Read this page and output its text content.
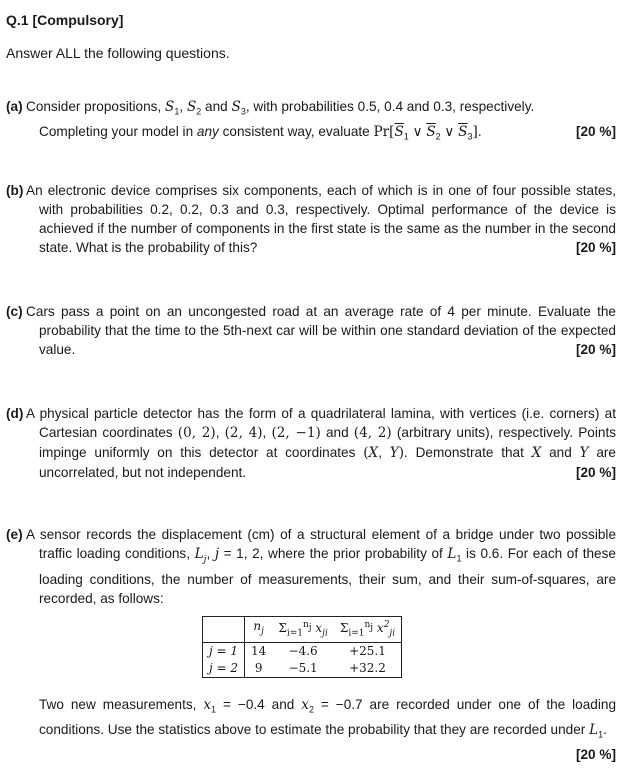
Q.1 [Compulsory]
Answer ALL the following questions.
(a) Consider propositions, $S_1$, $S_2$ and $S_3$, with probabilities 0.5, 0.4 and 0.3, respectively.
Completing your model in any consistent way, evaluate $Pr[\overline{S}_1$ ∨ $\overline{S}_2$ ∨ $\overline{S}_3$].	[20 %]
(b) An electronic device comprises six components, each of which is in one of four possible states, with probabilities 0.2, 0.2, 0.3 and 0.3, respectively. Optimal performance of the device is achieved if the number of components in the first state is the same as the number in the second state. What is the probability of this?	[20 %]
(c) Cars pass a point on an uncongested road at an average rate of 4 per minute. Evaluate the probability that the time to the 5th-next car will be within one standard deviation of the expected value.	[20 %]
(d) A physical particle detector has the form of a quadrilateral lamina, with vertices (i.e. corners) at Cartesian coordinates (0, 2), (2, 4), (2, −1) and (4, 2) (arbitrary units), respectively. Points impinge uniformly on this detector at coordinates (X, Y). Demonstrate that X and Y are uncorrelated, but not independent.	[20 %]
(e) A sensor records the displacement (cm) of a structural element of a bridge under two possible traffic loading conditions, $L_j$, j = 1, 2, where the prior probability of $L_1$ is 0.6. For each of these loading conditions, the number of measurements, their sum, and their sum-of-squares, are recorded, as follows:
	$n_j$	$\Sigma_{i=1}^{n_j}$ $x_{ji}$	$\Sigma_{i=1}^{n_j}$ $x^2_{ji}$
j = 1	14	−4.6	+25.1
j = 2	9	−5.1	+32.2
Two new measurements, $x_1 = -0.4$ and $x_2 = -0.7$ are recorded under one of the loading conditions. Use the statistics above to estimate the probability that they are recorded under $L_1$.
[20 %]
